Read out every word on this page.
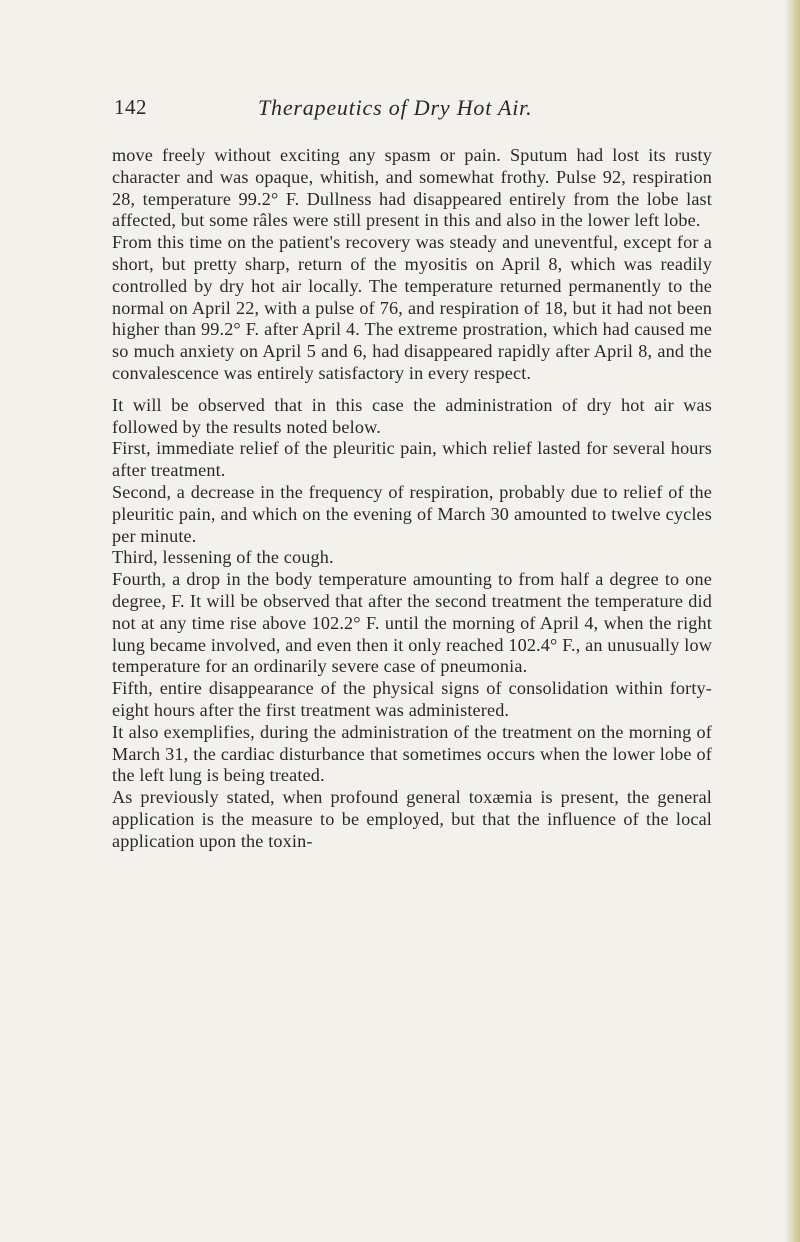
142	Therapeutics of Dry Hot Air.

move freely without exciting any spasm or pain. Sputum had lost its rusty character and was opaque, whitish, and somewhat frothy. Pulse 92, respiration 28, temperature 99.2° F. Dullness had disappeared entirely from the lobe last affected, but some râles were still present in this and also in the lower left lobe.

From this time on the patient's recovery was steady and uneventful, except for a short, but pretty sharp, return of the myositis on April 8, which was readily controlled by dry hot air locally. The temperature returned permanently to the normal on April 22, with a pulse of 76, and respiration of 18, but it had not been higher than 99.2° F. after April 4. The extreme prostration, which had caused me so much anxiety on April 5 and 6, had disappeared rapidly after April 8, and the convalescence was entirely satisfactory in every respect.

It will be observed that in this case the administration of dry hot air was followed by the results noted below.

First, immediate relief of the pleuritic pain, which relief lasted for several hours after treatment.

Second, a decrease in the frequency of respiration, probably due to relief of the pleuritic pain, and which on the evening of March 30 amounted to twelve cycles per minute.

Third, lessening of the cough.

Fourth, a drop in the body temperature amounting to from half a degree to one degree, F. It will be observed that after the second treatment the temperature did not at any time rise above 102.2° F. until the morning of April 4, when the right lung became involved, and even then it only reached 102.4° F., an unusually low temperature for an ordinarily severe case of pneumonia.

Fifth, entire disappearance of the physical signs of consolidation within forty-eight hours after the first treatment was administered.

It also exemplifies, during the administration of the treatment on the morning of March 31, the cardiac disturbance that sometimes occurs when the lower lobe of the left lung is being treated.

As previously stated, when profound general toxæmia is present, the general application is the measure to be employed, but that the influence of the local application upon the toxin-
